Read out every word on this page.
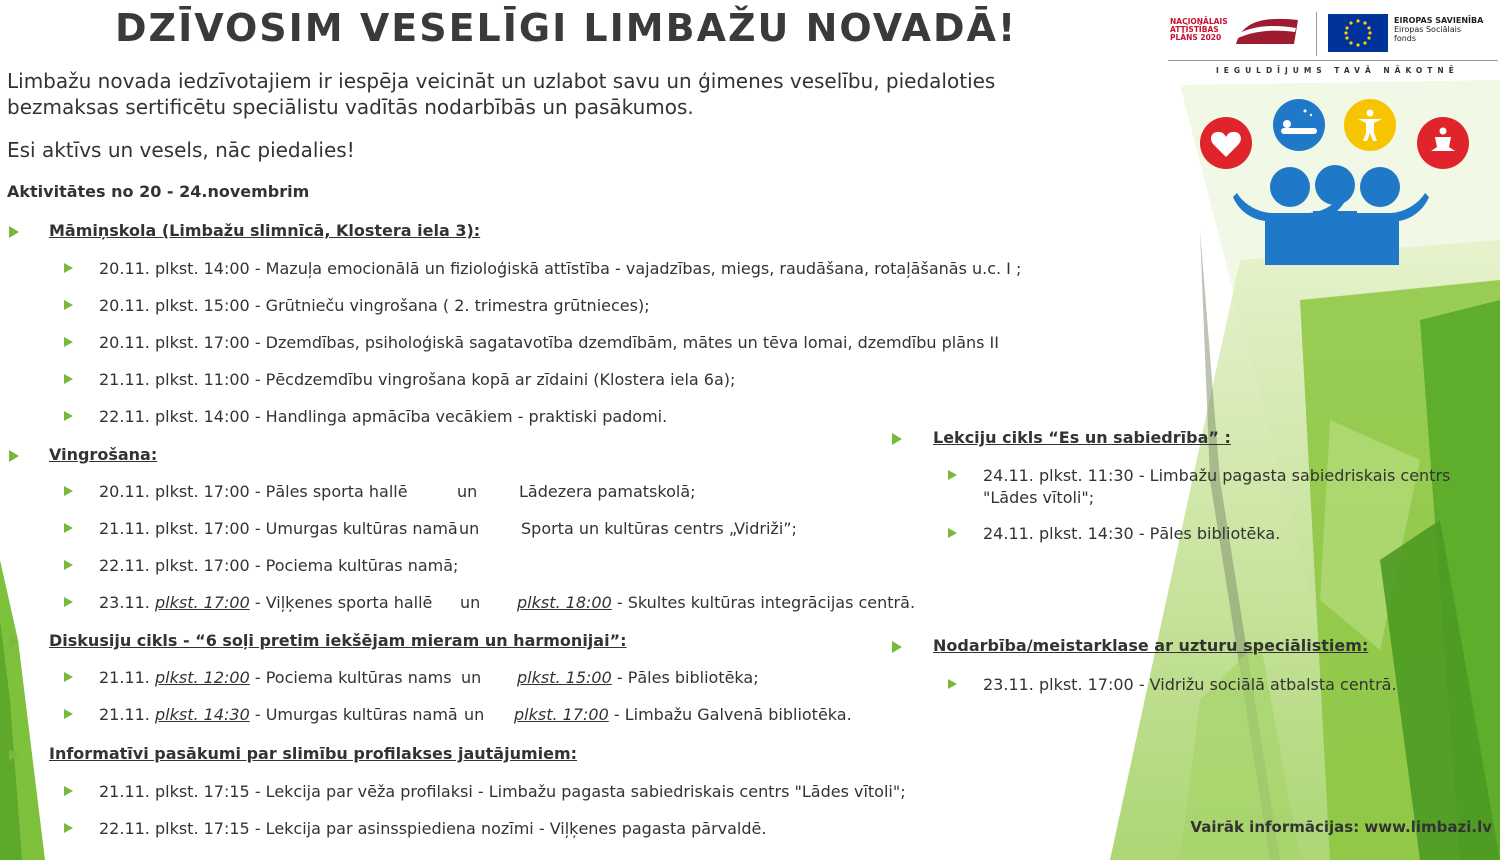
NACIONĀLAIS ATTĪSTĪBAS PLĀNS 2020
EIROPAS SAVIENĪBA
Eiropas Sociālais fonds
IEGULDĪJUMS TAVĀ NĀKOTNĒ
DZĪVOSIM VESELĪGI LIMBAŽU NOVADĀ!
Limbažu novada iedzīvotajiem ir iespēja veicināt un uzlabot savu un ģimenes veselību, piedaloties bezmaksas sertificētu speciālistu vadītās nodarbībās un pasākumos.
Esi aktīvs un vesels, nāc piedalies!
Aktivitātes no 20 - 24.novembrim
Māmiņskola (Limbažu slimnīcā, Klostera iela 3):
20.11. plkst. 14:00 - Mazuļa emocionālā un fizioloģiskā attīstība - vajadzības, miegs, raudāšana, rotaļāšanās u.c. I ;
20.11. plkst. 15:00 - Grūtnieču vingrošana ( 2. trimestra grūtnieces);
20.11. plkst. 17:00 - Dzemdības, psiholoģiskā sagatavotība dzemdībām, mātes un tēva lomai, dzemdību plāns II
21.11. plkst. 11:00 - Pēcdzemdību vingrošana kopā ar zīdaini (Klostera iela 6a);
22.11. plkst. 14:00 - Handlinga apmācība vecākiem - praktiski padomi.
Vingrošana:
20.11. plkst. 17:00 - Pāles sporta hallē	un	Lādezera pamatskolā;
21.11. plkst. 17:00 - Umurgas kultūras namā un	Sporta un kultūras centrs „Vidriži”;
22.11. plkst. 17:00 - Pociema kultūras namā;
23.11. plkst. 17:00 - Viļķenes sporta hallē un plkst. 18:00 - Skultes kultūras integrācijas centrā.
Diskusiju cikls - “6 soļi pretim iekšējam mieram un harmonijai”:
21.11. plkst. 12:00 - Pociema kultūras nams un plkst. 15:00 - Pāles bibliotēka;
21.11. plkst. 14:30 - Umurgas kultūras namā un plkst. 17:00 - Limbažu Galvenā bibliotēka.
Informatīvi pasākumi par slimību profilakses jautājumiem:
21.11. plkst. 17:15 - Lekcija par vēža profilaksi - Limbažu pagasta sabiedriskais centrs "Lādes vītoli";
22.11. plkst. 17:15 - Lekcija par asinsspiediena nozīmi - Viļķenes pagasta pārvaldē.
Lekciju cikls “Es un sabiedrība” :
24.11. plkst. 11:30 - Limbažu pagasta sabiedriskais centrs
"Lādes vītoli";
24.11. plkst. 14:30 - Pāles bibliotēka.
Nodarbība/meistarklase ar uzturu speciālistiem:
23.11. plkst. 17:00 - Vidrižu sociālā atbalsta centrā.
Vairāk informācijas: www.limbazi.lv
